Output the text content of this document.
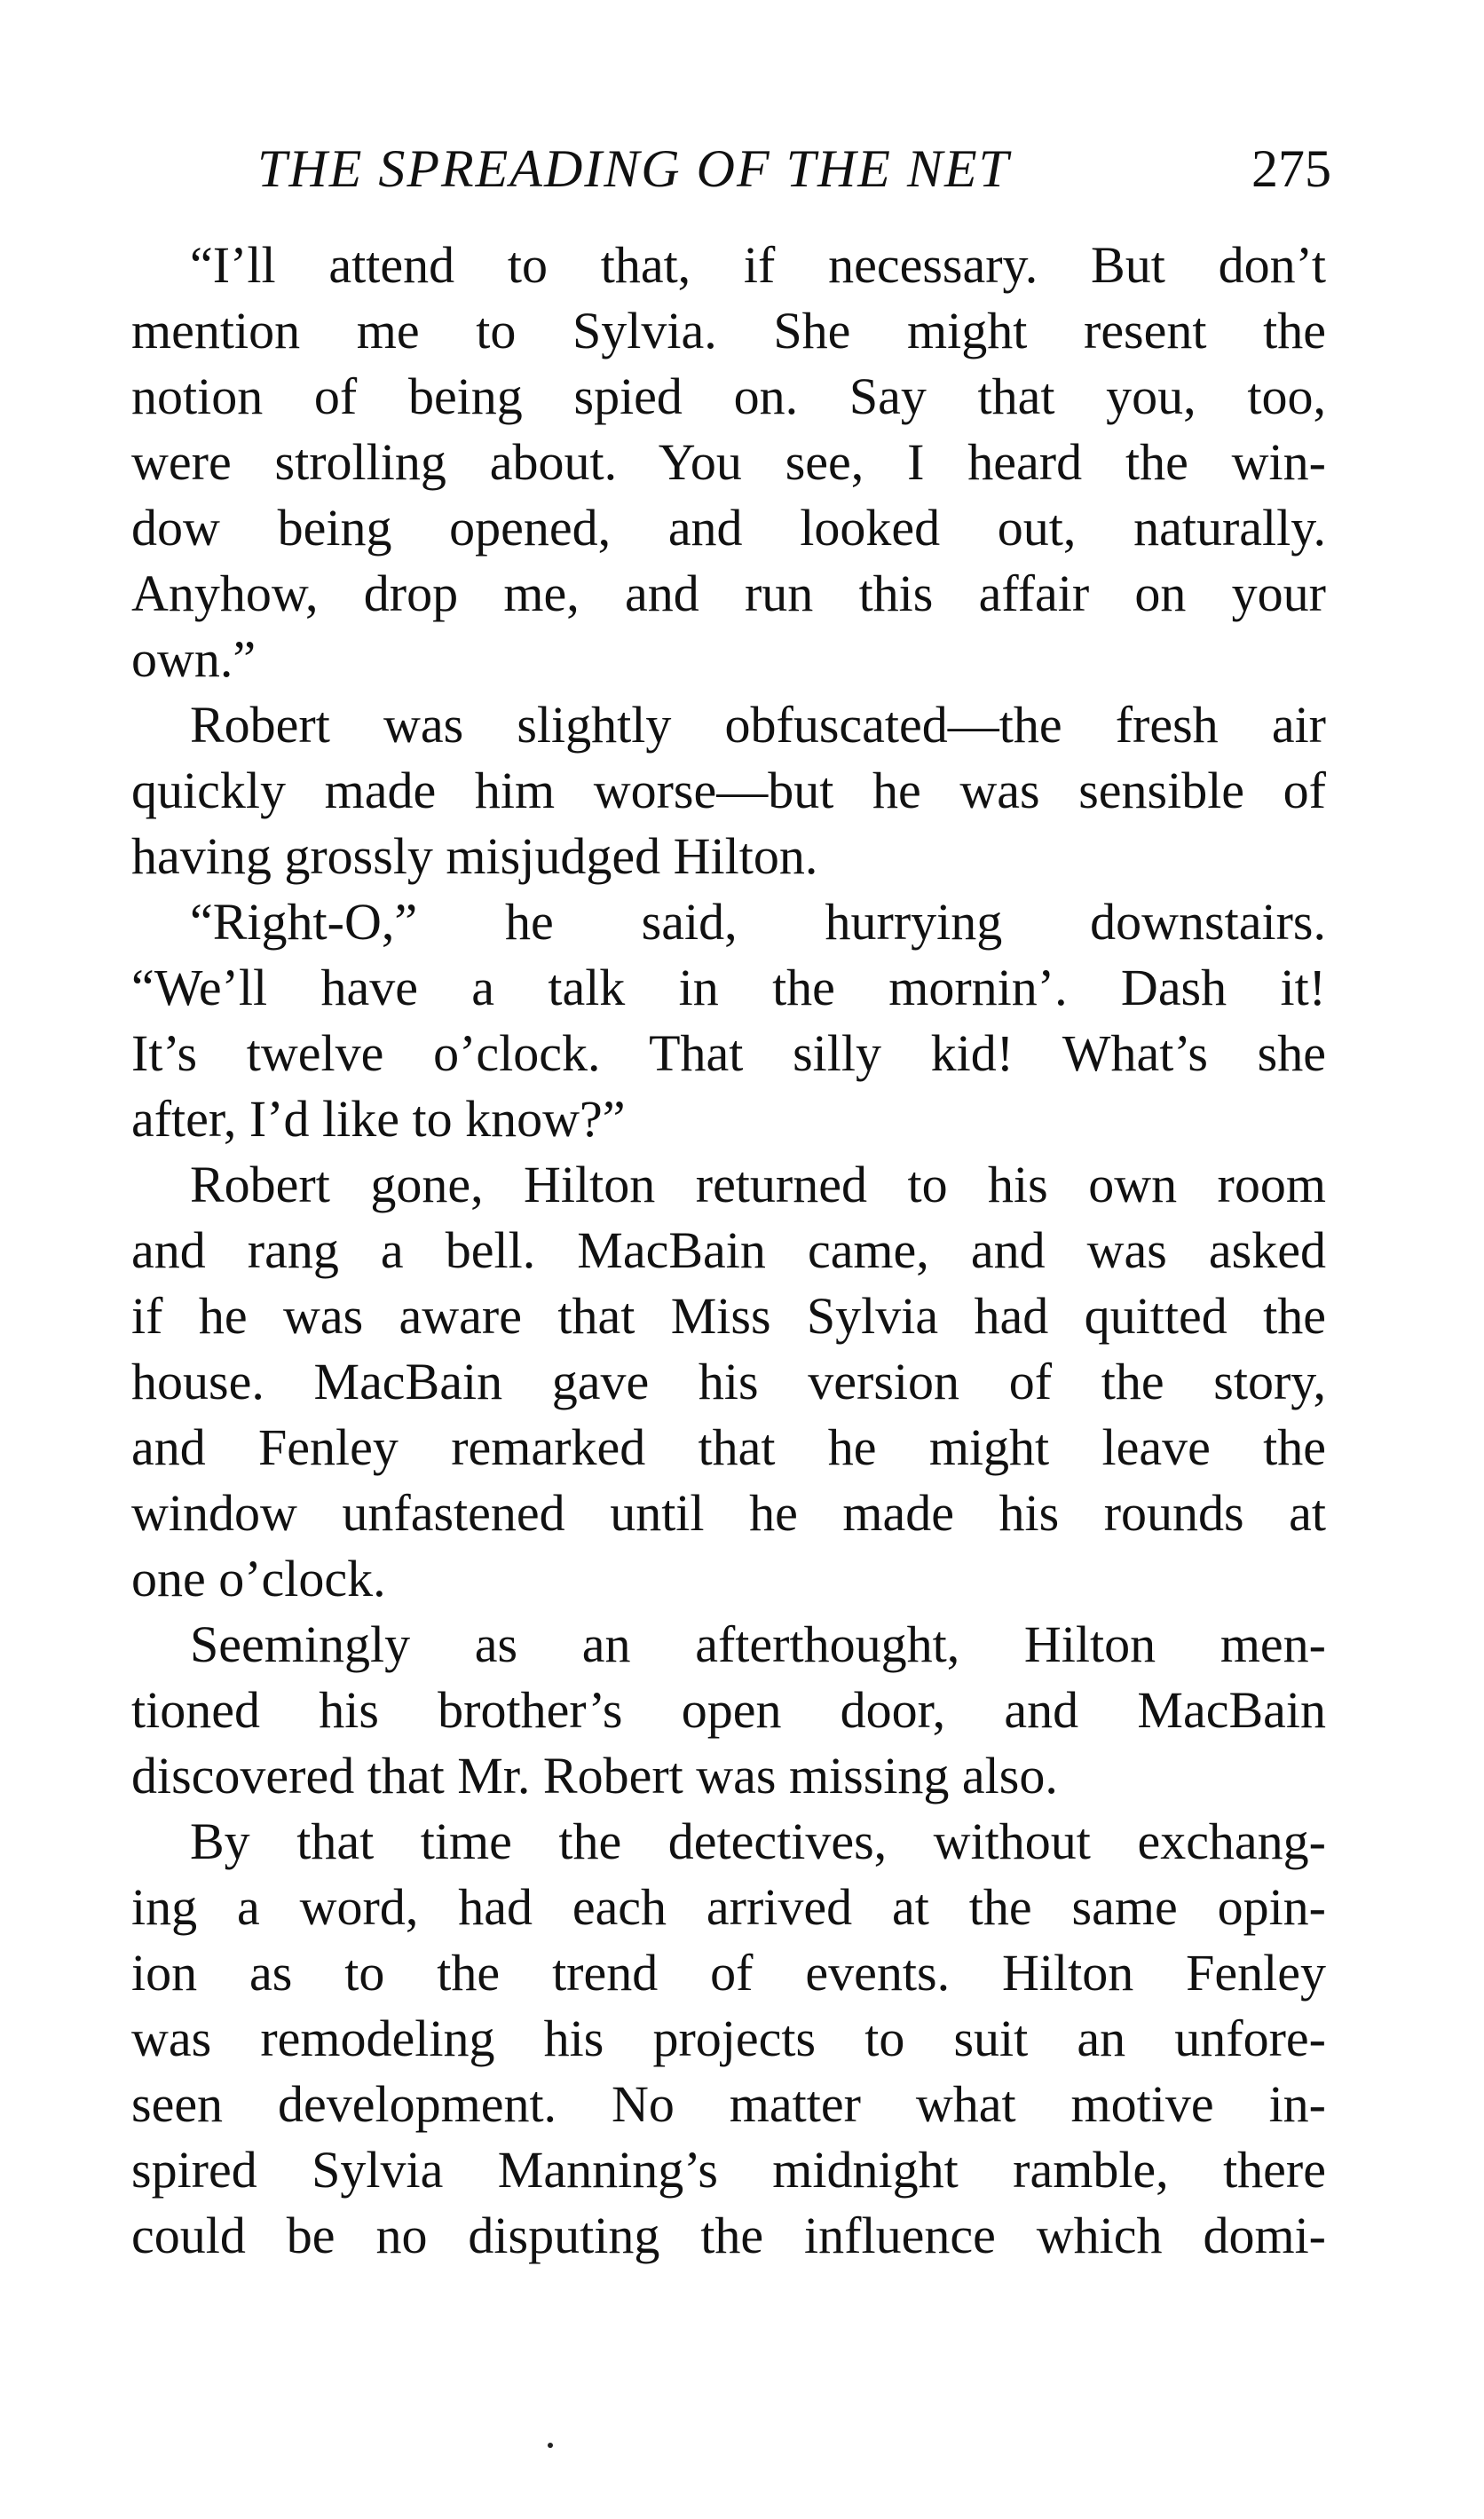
THE SPREADING OF THE NET	275
“I’ll attend to that, if necessary. But don’t
mention me to Sylvia. She might resent the
notion of being spied on. Say that you, too,
were strolling about. You see, I heard the win-
dow being opened, and looked out, naturally.
Anyhow, drop me, and run this affair on your
own.”
Robert was slightly obfuscated—the fresh air
quickly made him worse—but he was sensible of
having grossly misjudged Hilton.
“Right-O,” he said, hurrying downstairs.
“We’ll have a talk in the mornin’. Dash it!
It’s twelve o’clock. That silly kid! What’s she
after, I’d like to know?”
Robert gone, Hilton returned to his own room
and rang a bell. MacBain came, and was asked
if he was aware that Miss Sylvia had quitted the
house. MacBain gave his version of the story,
and Fenley remarked that he might leave the
window unfastened until he made his rounds at
one o’clock.
Seemingly as an afterthought, Hilton men-
tioned his brother’s open door, and MacBain
discovered that Mr. Robert was missing also.
By that time the detectives, without exchang-
ing a word, had each arrived at the same opin-
ion as to the trend of events. Hilton Fenley
was remodeling his projects to suit an unfore-
seen development. No matter what motive in-
spired Sylvia Manning’s midnight ramble, there
could be no disputing the influence which domi-
